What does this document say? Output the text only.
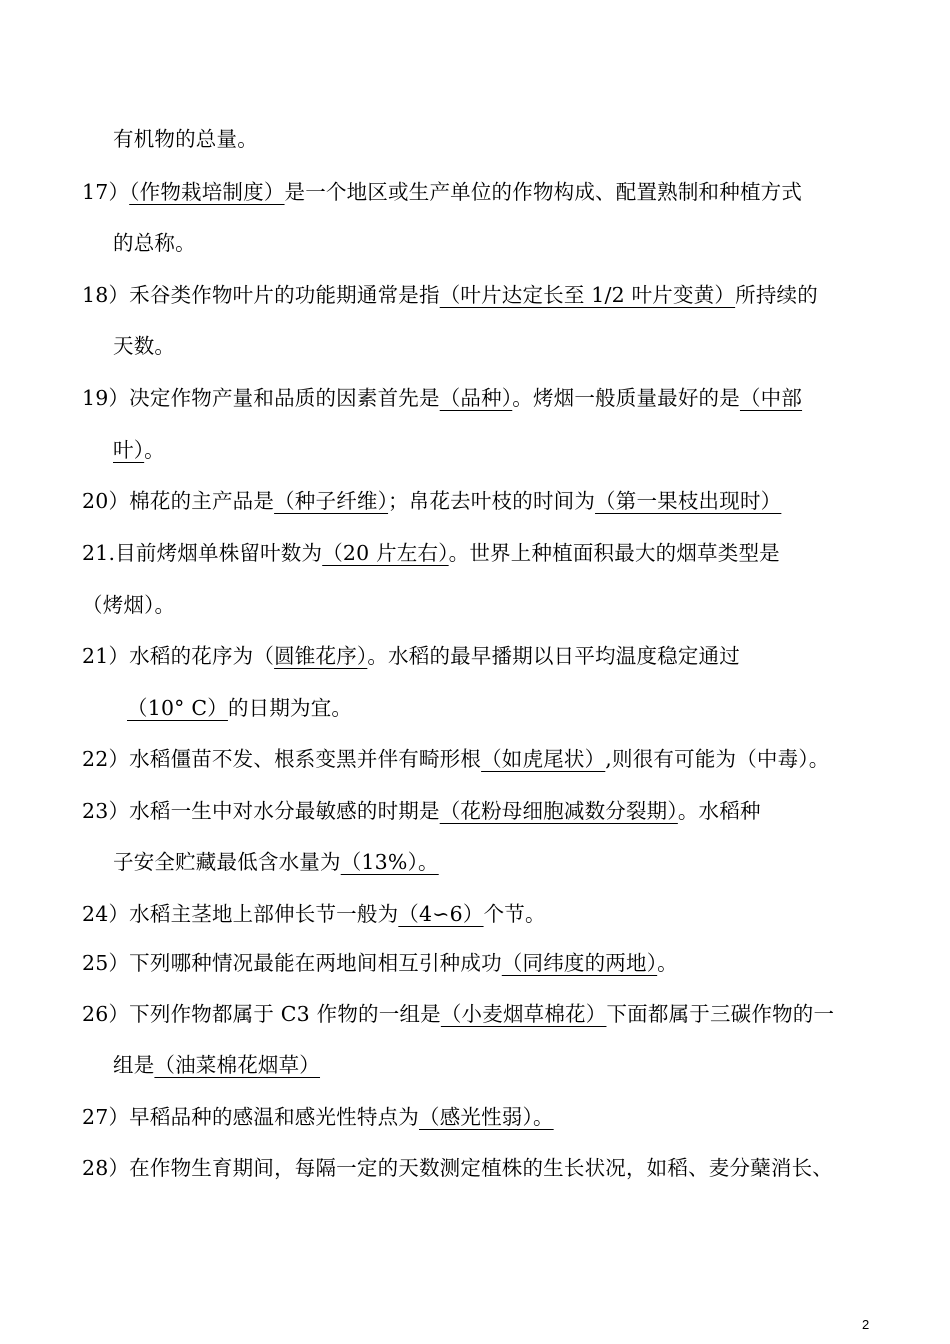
有机物的总量。
17）（作物栽培制度）是一个地区或生产单位的作物构成、配置熟制和种植方式
的总称。
18）禾谷类作物叶片的功能期通常是指（叶片达定长至 1/2 叶片变黄）所持续的
天数。
19）决定作物产量和品质的因素首先是（品种）。烤烟一般质量最好的是（中部
叶）。
20）棉花的主产品是（种子纤维）；帛花去叶枝的时间为（第一果枝出现时）
21.目前烤烟单株留叶数为（20 片左右）。世界上种植面积最大的烟草类型是
（烤烟）。
21）水稻的花序为（圆锥花序）。水稻的最早播期以日平均温度稳定通过
（10° C）的日期为宜。
22）水稻僵苗不发、根系变黑并伴有畸形根（如虎尾状）,则很有可能为（中毒）。
23）水稻一生中对水分最敏感的时期是（花粉母细胞减数分裂期）。水稻种
子安全贮藏最低含水量为（13%）。
24）水稻主茎地上部伸长节一般为（4∽6）个节。
25）下列哪种情况最能在两地间相互引种成功（同纬度的两地）。
26）下列作物都属于 C3 作物的一组是（小麦烟草棉花）下面都属于三碳作物的一
组是（油菜棉花烟草）
27）早稻品种的感温和感光性特点为（感光性弱）。
28）在作物生育期间，每隔一定的天数测定植株的生长状况，如稻、麦分蘖消长、
2
